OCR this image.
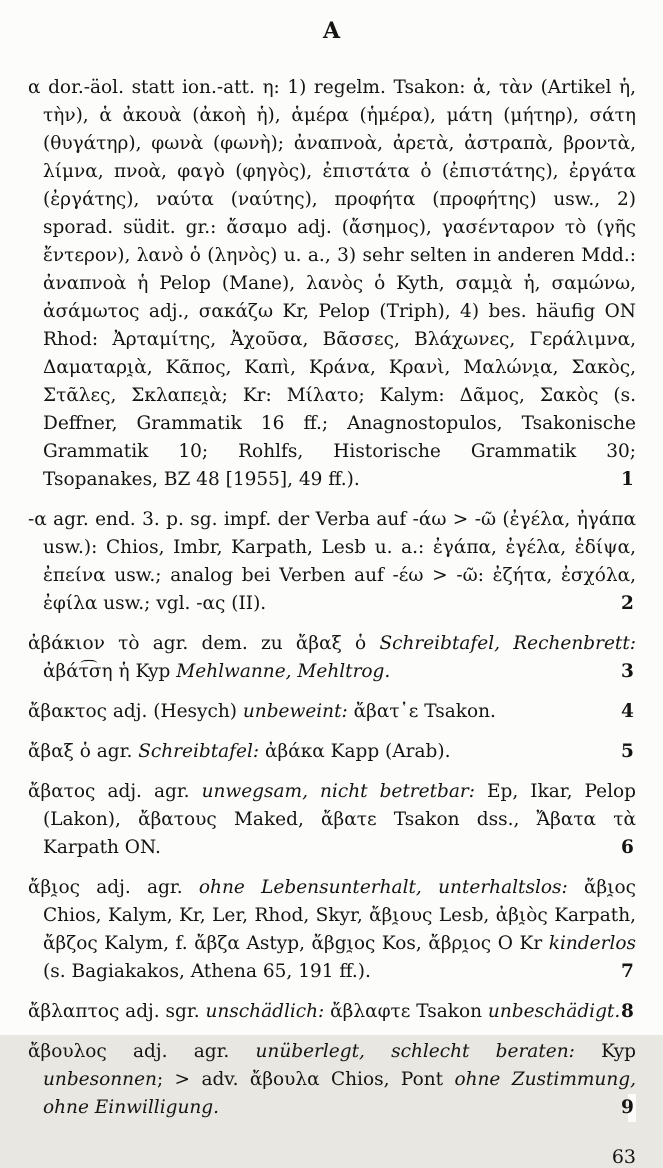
A

α dor.-äol. statt ion.-att. η: 1) regelm. Tsakon: ἁ, τὰν (Artikel ἡ, τὴν), ἁ ἀκουὰ (ἀκοὴ ἡ), ἁμέρα (ἡμέρα), μάτη (μήτηρ), σάτη (θυγάτηρ), φωνὰ (φωνὴ); ἀναπνοὰ, ἀρετὰ, ἀστραπὰ, βροντὰ, λίμνα, πνοὰ, φαγὸ (φηγὸς), ἐπιστάτα ὁ (ἐπιστάτης), ἐργάτα (ἐργάτης), ναύτα (ναύτης), προφήτα (προφήτης) usw., 2) sporad. südit. gr.: ἄσαμο adj. (ἄσημος), γασένταρον τὸ (γῆς ἔντερον), λανὸ ὁ (ληνὸς) u. a., 3) sehr selten in anderen Mdd.: ἀναπνοὰ ἡ Pelop (Mane), λανὸς ὁ Kyth, σαμι̯ὰ ἡ, σαμώνω, ἀσάμωτος adj., σακάζω Kr, Pelop (Triph), 4) bes. häufig ON Rhod: Ἀρταμίτης, Ἀχοῦσα, Βᾶσσες, Βλάχωνες, Γεράλιμνα, Δαματαρι̯ὰ, Κᾶπος, Καπὶ, Κράνα, Κρανὶ, Μαλώνι̯α, Σακὸς, Στᾶλες, Σκλαπει̯ὰ; Kr: Μίλατο; Kalym: Δᾶμος, Σακὸς (s. Deffner, Grammatik 16 ff.; Anagnostopulos, Tsakonische Grammatik 10; Rohlfs, Historische Grammatik 30; Tsopanakes, BZ 48 [1955], 49 ff.).	1

-α agr. end. 3. p. sg. impf. der Verba auf -άω > -ῶ (ἐγέλα, ἠγάπα usw.): Chios, Imbr, Karpath, Lesb u. a.: ἐγάπα, ἐγέλα, ἐδίψα, ἐπείνα usw.; analog bei Verben auf -έω > -ῶ: ἐζήτα, ἐσχόλα, ἐφίλα usw.; vgl. -ας (II).	2

ἀβάκιον τὸ agr. dem. zu ἄβαξ ὁ Schreibtafel, Rechenbrett: ἀβάτ͡ση ἡ Kyp Mehlwanne, Mehltrog.	3

ἄβακτος adj. (Hesych) unbeweint: ἄβατ῾ε Tsakon.	4

ἄβαξ ὁ agr. Schreibtafel: ἀβάκα Kapp (Arab).	5

ἄβατος adj. agr. unwegsam, nicht betretbar: Ep, Ikar, Pelop (Lakon), ἄβατους Maked, ἄβατε Tsakon dss., Ἄβατα τὰ Karpath ON.	6

ἄβι̯ος adj. agr. ohne Lebensunterhalt, unterhaltslos: ἄβι̯ος Chios, Kalym, Kr, Ler, Rhod, Skyr, ἄβι̯ους Lesb, ἀβι̯ὸς Karpath, ἄβζος Kalym, f. ἄβζα Astyp, ἄβgι̯ος Kos, ἄβρι̯ος O Kr kinderlos (s. Bagiakakos, Athena 65, 191 ff.).	7

ἄβλαπτος adj. sgr. unschädlich: ἄβλαφτε Tsakon unbeschädigt. 8

ἄβουλος adj. agr. unüberlegt, schlecht beraten: Kyp unbesonnen; > adv. ἄβουλα Chios, Pont ohne Zustimmung, ohne Einwilligung.	9

63
